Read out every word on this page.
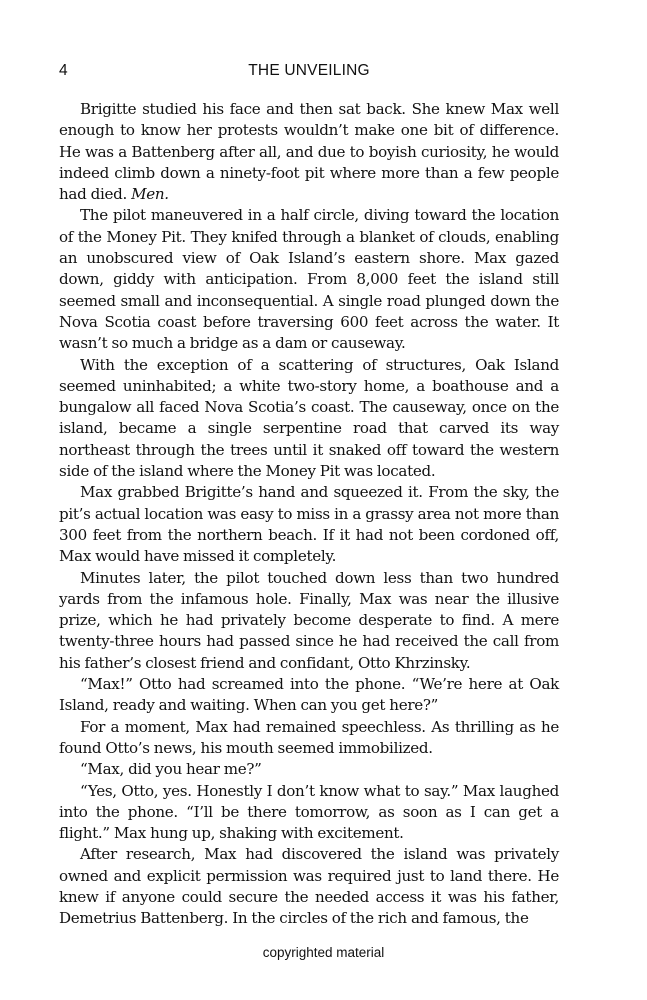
4	THE UNVEILING

Brigitte studied his face and then sat back. She knew Max well enough to know her protests wouldn’t make one bit of difference. He was a Battenberg after all, and due to boyish curiosity, he would indeed climb down a ninety-foot pit where more than a few people had died. Men.

The pilot maneuvered in a half circle, diving toward the location of the Money Pit. They knifed through a blanket of clouds, enabling an unobscured view of Oak Island’s eastern shore. Max gazed down, giddy with anticipation. From 8,000 feet the island still seemed small and inconsequential. A single road plunged down the Nova Scotia coast before traversing 600 feet across the water. It wasn’t so much a bridge as a dam or causeway.

With the exception of a scattering of structures, Oak Island seemed uninhabited; a white two-story home, a boathouse and a bungalow all faced Nova Scotia’s coast. The causeway, once on the island, became a single serpentine road that carved its way northeast through the trees until it snaked off toward the western side of the island where the Money Pit was located.

Max grabbed Brigitte’s hand and squeezed it. From the sky, the pit’s actual location was easy to miss in a grassy area not more than 300 feet from the northern beach. If it had not been cordoned off, Max would have missed it completely.

Minutes later, the pilot touched down less than two hundred yards from the infamous hole. Finally, Max was near the illusive prize, which he had privately become desperate to find. A mere twenty-three hours had passed since he had received the call from his father’s closest friend and confidant, Otto Khrzinsky.

“Max!” Otto had screamed into the phone. “We’re here at Oak Island, ready and waiting. When can you get here?”

For a moment, Max had remained speechless. As thrilling as he found Otto’s news, his mouth seemed immobilized.

“Max, did you hear me?”

“Yes, Otto, yes. Honestly I don’t know what to say.” Max laughed into the phone. “I’ll be there tomorrow, as soon as I can get a flight.” Max hung up, shaking with excitement.

After research, Max had discovered the island was privately owned and explicit permission was required just to land there. He knew if anyone could secure the needed access it was his father, Demetrius Battenberg. In the circles of the rich and famous, the

copyrighted material
